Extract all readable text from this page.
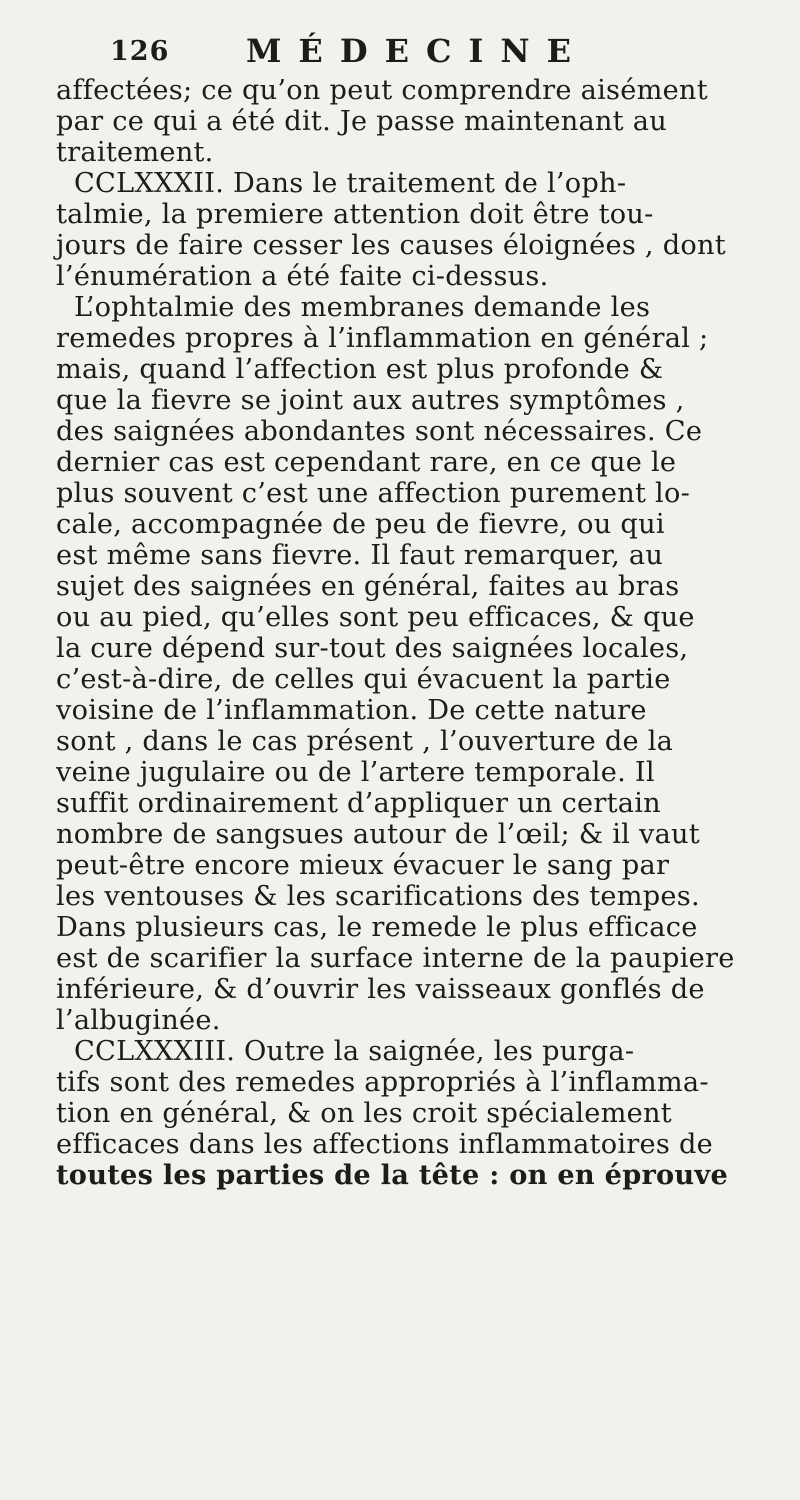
126 MÉDECINE
affectées; ce qu’on peut comprendre aisément
par ce qui a été dit. Je passe maintenant au
traitement.
CCLXXXII. Dans le traitement de l’oph-
talmie, la premiere attention doit être tou-
jours de faire cesser les causes éloignées , dont
l’énumération a été faite ci-dessus.
L’ophtalmie des membranes demande les
remedes propres à l’inflammation en général ;
mais, quand l’affection est plus profonde &
que la fievre se joint aux autres symptômes ,
des saignées abondantes sont nécessaires. Ce
dernier cas est cependant rare, en ce que le
plus souvent c’est une affection purement lo-
cale, accompagnée de peu de fievre, ou qui
est même sans fievre. Il faut remarquer, au
sujet des saignées en général, faites au bras
ou au pied, qu’elles sont peu efficaces, & que
la cure dépend sur-tout des saignées locales,
c’est-à-dire, de celles qui évacuent la partie
voisine de l’inflammation. De cette nature
sont , dans le cas présent , l’ouverture de la
veine jugulaire ou de l’artere temporale. Il
suffit ordinairement d’appliquer un certain
nombre de sangsues autour de l’œil; & il vaut
peut-être encore mieux évacuer le sang par
les ventouses & les scarifications des tempes.
Dans plusieurs cas, le remede le plus efficace
est de scarifier la surface interne de la paupiere
inférieure, & d’ouvrir les vaisseaux gonflés de
l’albuginée.
CCLXXXIII. Outre la saignée, les purga-
tifs sont des remedes appropriés à l’inflamma-
tion en général, & on les croit spécialement
efficaces dans les affections inflammatoires de
toutes les parties de la tête : on en éprouve
